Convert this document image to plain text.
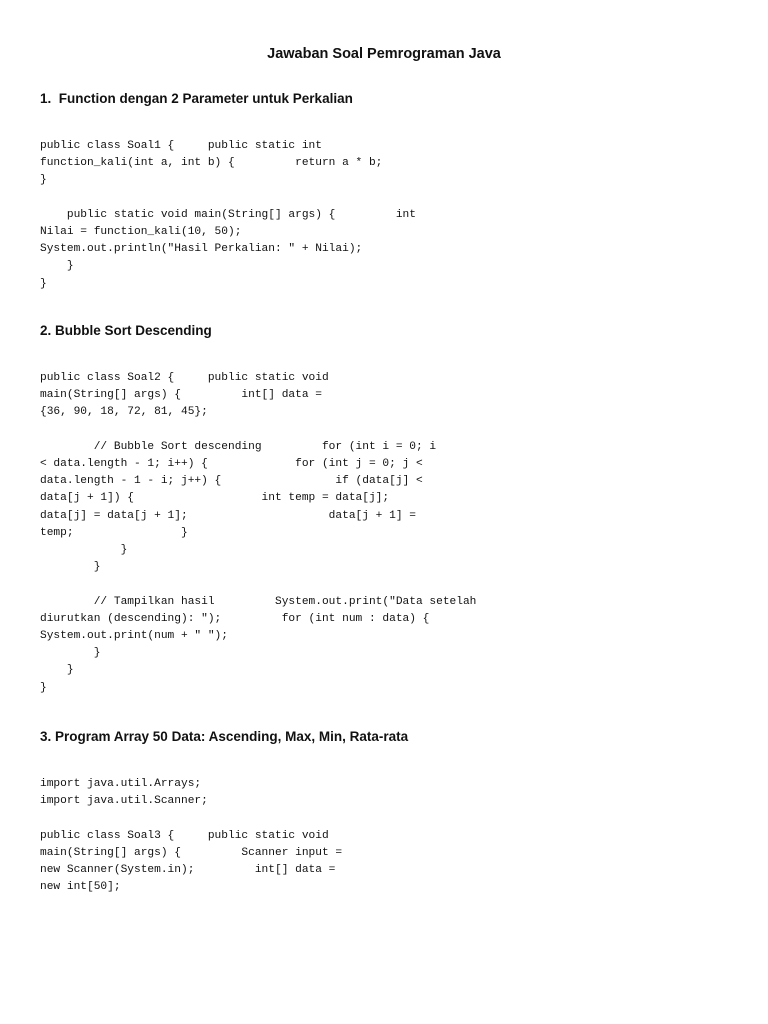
Jawaban Soal Pemrograman Java
1.  Function dengan 2 Parameter untuk Perkalian
public class Soal1 {     public static int
function_kali(int a, int b) {         return a * b;
}

public static void main(String[] args) {         int
Nilai = function_kali(10, 50);
System.out.println("Hasil Perkalian: " + Nilai);
}
}
2. Bubble Sort Descending
public class Soal2 {     public static void
main(String[] args) {         int[] data =
{36, 90, 18, 72, 81, 45};

// Bubble Sort descending         for (int i = 0; i
< data.length - 1; i++) {             for (int j = 0; j <
data.length - 1 - i; j++) {                 if (data[j] <
data[j + 1]) {                   int temp = data[j];
data[j] = data[j + 1];                     data[j + 1] =
temp;                }
}
}

// Tampilkan hasil         System.out.print("Data setelah
diurutkan (descending): ");         for (int num : data) {
System.out.print(num + " ");
}
}
}
3. Program Array 50 Data: Ascending, Max, Min, Rata-rata
import java.util.Arrays;
import java.util.Scanner;

public class Soal3 {     public static void
main(String[] args) {         Scanner input =
new Scanner(System.in);         int[] data =
new int[50];
